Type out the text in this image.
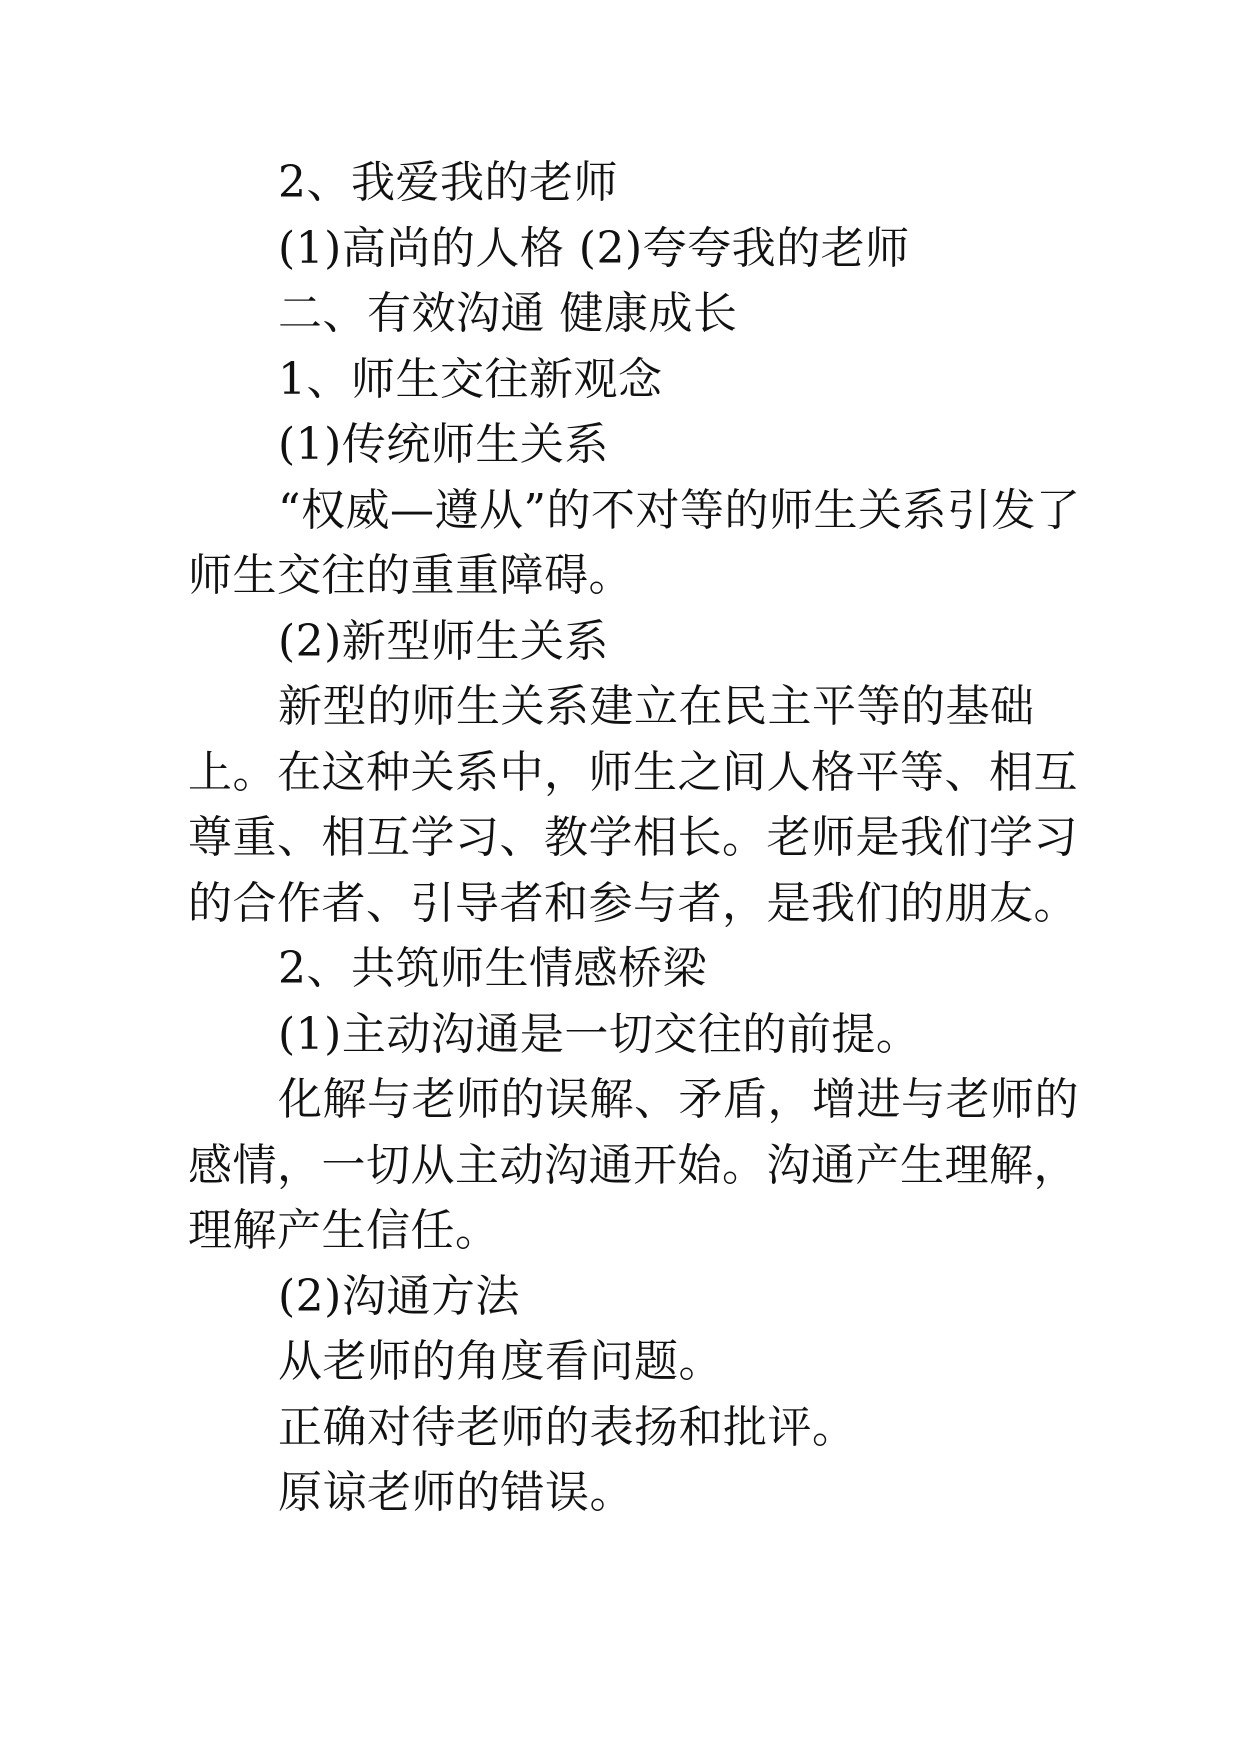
2、我爱我的老师

(1)高尚的人格 (2)夸夸我的老师

二、有效沟通 健康成长

1、师生交往新观念

(1)传统师生关系

“权威—遵从”的不对等的师生关系引发了师生交往的重重障碍。

(2)新型师生关系

新型的师生关系建立在民主平等的基础上。在这种关系中，师生之间人格平等、相互尊重、相互学习、教学相长。老师是我们学习的合作者、引导者和参与者，是我们的朋友。

2、共筑师生情感桥梁

(1)主动沟通是一切交往的前提。

化解与老师的误解、矛盾，增进与老师的感情，一切从主动沟通开始。沟通产生理解，理解产生信任。

(2)沟通方法

从老师的角度看问题。

正确对待老师的表扬和批评。

原谅老师的错误。
